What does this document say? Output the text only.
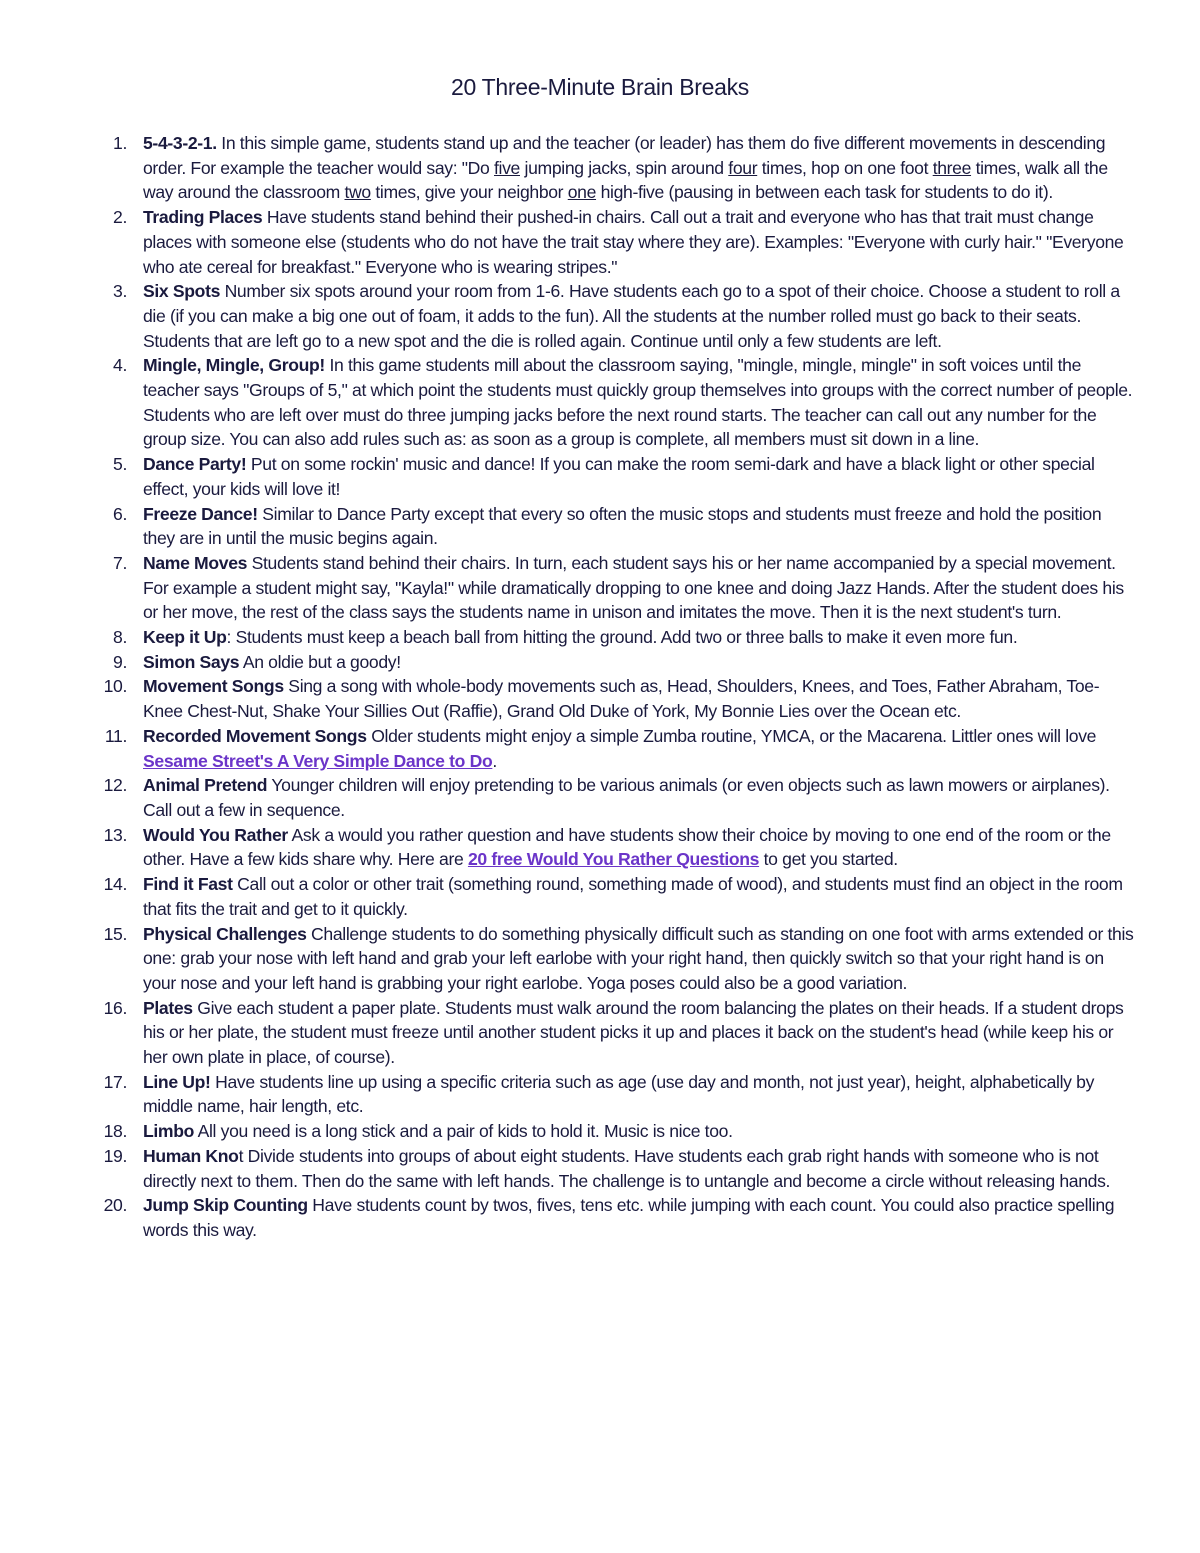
20 Three-Minute Brain Breaks
1 . 5-4-3-2-1. In this simple game, students stand up and the teacher (or leader) has them do five different movements in descending order. For example the teacher would say: "Do five jumping jacks, spin around four times, hop on one foot three times, walk all the way around the classroom two times, give your neighbor one high-five (pausing in between each task for students to do it).
2 . Trading Places Have students stand behind their pushed-in chairs. Call out a trait and everyone who has that trait must change places with someone else (students who do not have the trait stay where they are). Examples: "Everyone with curly hair." "Everyone who ate cereal for breakfast." Everyone who is wearing stripes."
3 . Six Spots Number six spots around your room from 1-6. Have students each go to a spot of their choice. Choose a student to roll a die (if you can make a big one out of foam, it adds to the fun). All the students at the number rolled must go back to their seats. Students that are left go to a new spot and the die is rolled again. Continue until only a few students are left.
4 . Mingle, Mingle, Group! In this game students mill about the classroom saying, "mingle, mingle, mingle" in soft voices until the teacher says "Groups of 5," at which point the students must quickly group themselves into groups with the correct number of people. Students who are left over must do three jumping jacks before the next round starts. The teacher can call out any number for the group size. You can also add rules such as: as soon as a group is complete, all members must sit down in a line.
5 . Dance Party! Put on some rockin' music and dance! If you can make the room semi-dark and have a black light or other special effect, your kids will love it!
6 . Freeze Dance! Similar to Dance Party except that every so often the music stops and students must freeze and hold the position they are in until the music begins again.
7 . Name Moves Students stand behind their chairs. In turn, each student says his or her name accompanied by a special movement. For example a student might say, "Kayla!" while dramatically dropping to one knee and doing Jazz Hands. After the student does his or her move, the rest of the class says the students name in unison and imitates the move. Then it is the next student's turn.
8 . Keep it Up: Students must keep a beach ball from hitting the ground. Add two or three balls to make it even more fun.
9 . Simon Says An oldie but a goody!
10 . Movement Songs Sing a song with whole-body movements such as, Head, Shoulders, Knees, and Toes, Father Abraham, Toe-Knee Chest-Nut, Shake Your Sillies Out (Raffie), Grand Old Duke of York, My Bonnie Lies over the Ocean etc.
11 . Recorded Movement Songs Older students might enjoy a simple Zumba routine, YMCA, or the Macarena. Littler ones will love Sesame Street's A Very Simple Dance to Do.
12 . Animal Pretend Younger children will enjoy pretending to be various animals (or even objects such as lawn mowers or airplanes). Call out a few in sequence.
13 . Would You Rather Ask a would you rather question and have students show their choice by moving to one end of the room or the other. Have a few kids share why. Here are 20 free Would You Rather Questions to get you started.
14 . Find it Fast Call out a color or other trait (something round, something made of wood), and students must find an object in the room that fits the trait and get to it quickly.
15 . Physical Challenges Challenge students to do something physically difficult such as standing on one foot with arms extended or this one: grab your nose with left hand and grab your left earlobe with your right hand, then quickly switch so that your right hand is on your nose and your left hand is grabbing your right earlobe. Yoga poses could also be a good variation.
16 . Plates Give each student a paper plate. Students must walk around the room balancing the plates on their heads. If a student drops his or her plate, the student must freeze until another student picks it up and places it back on the student's head (while keep his or her own plate in place, of course).
17 . Line Up! Have students line up using a specific criteria such as age (use day and month, not just year), height, alphabetically by middle name, hair length, etc.
18 . Limbo All you need is a long stick and a pair of kids to hold it. Music is nice too.
19 . Human Knot Divide students into groups of about eight students. Have students each grab right hands with someone who is not directly next to them. Then do the same with left hands. The challenge is to untangle and become a circle without releasing hands.
20 . Jump Skip Counting Have students count by twos, fives, tens etc. while jumping with each count. You could also practice spelling words this way.
